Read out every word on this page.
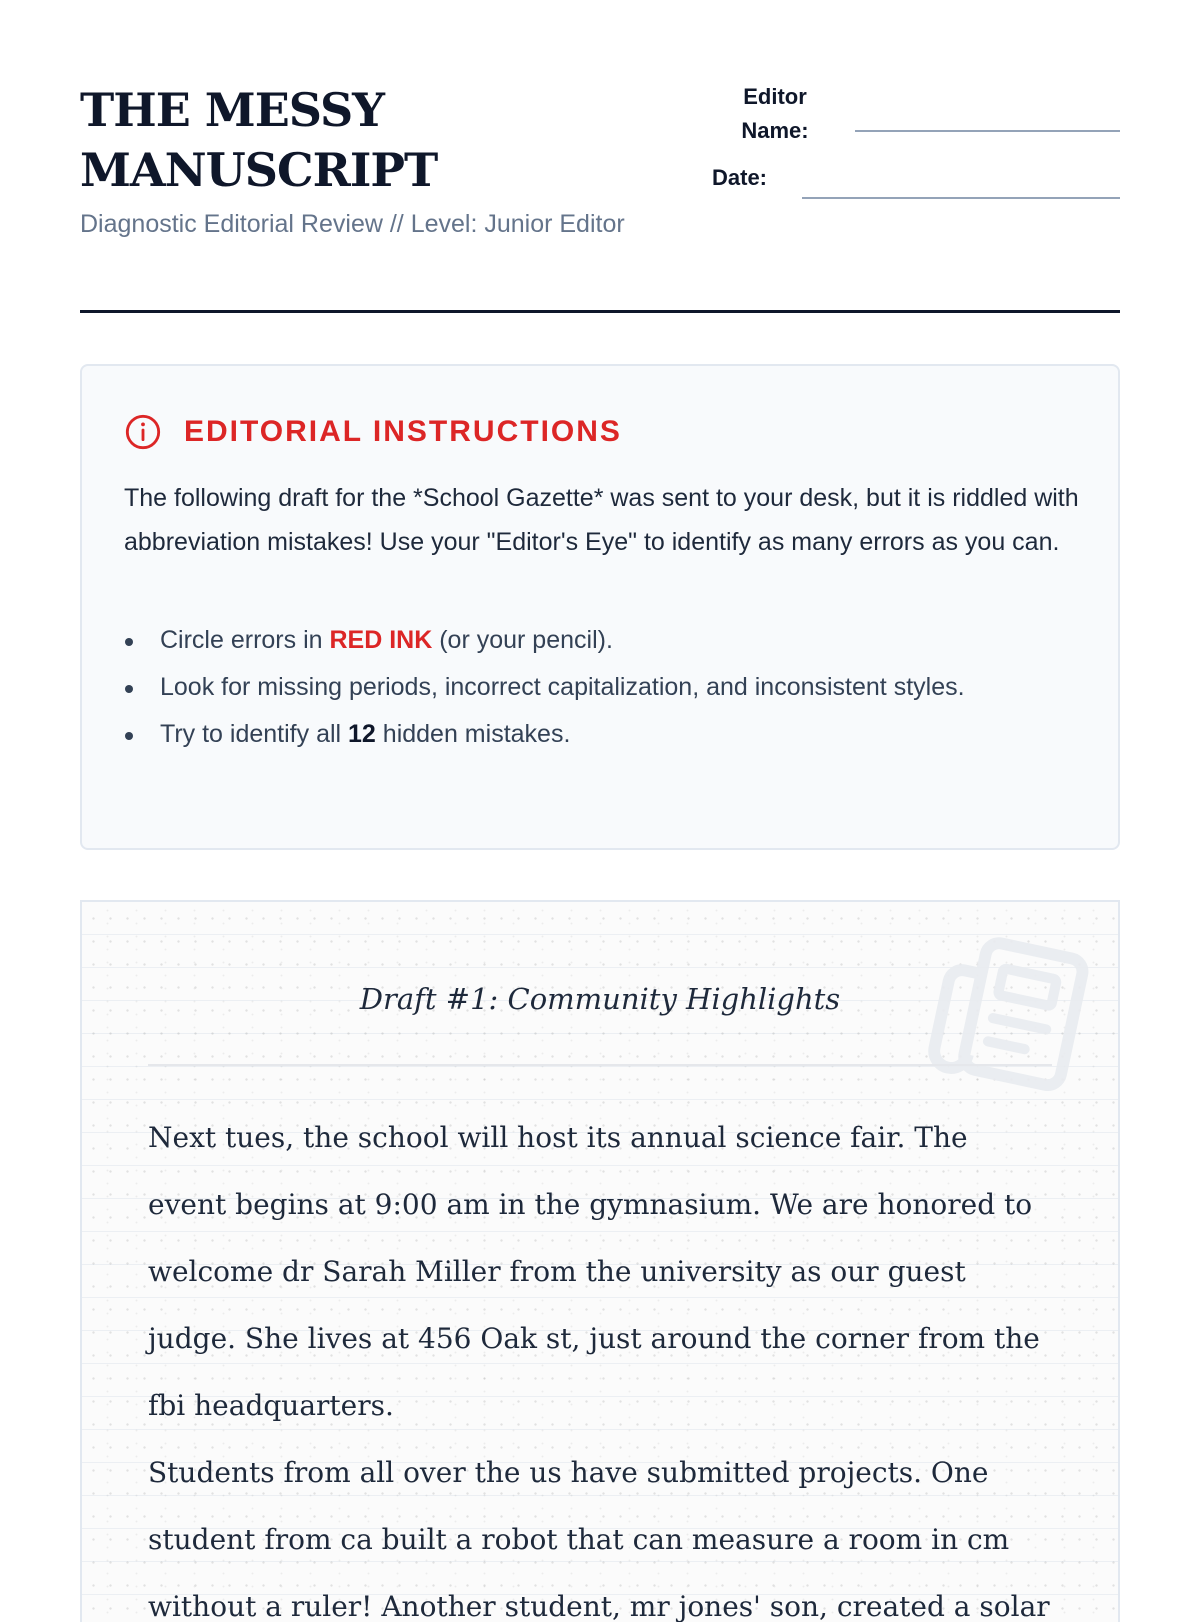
THE MESSY MANUSCRIPT
Diagnostic Editorial Review // Level: Junior Editor
Editor Name:
Date:
EDITORIAL INSTRUCTIONS
The following draft for the *School Gazette* was sent to your desk, but it is riddled with abbreviation mistakes! Use your "Editor's Eye" to identify as many errors as you can.
Circle errors in RED INK (or your pencil).
Look for missing periods, incorrect capitalization, and inconsistent styles.
Try to identify all 12 hidden mistakes.
Draft #1: Community Highlights

Next tues, the school will host its annual science fair. The event begins at 9:00 am in the gymnasium. We are honored to welcome dr Sarah Miller from the university as our guest judge. She lives at 456 Oak st, just around the corner from the fbi headquarters.

Students from all over the us have submitted projects. One student from ca built a robot that can measure a room in cm without a ruler! Another student, mr jones' son, created a solar
